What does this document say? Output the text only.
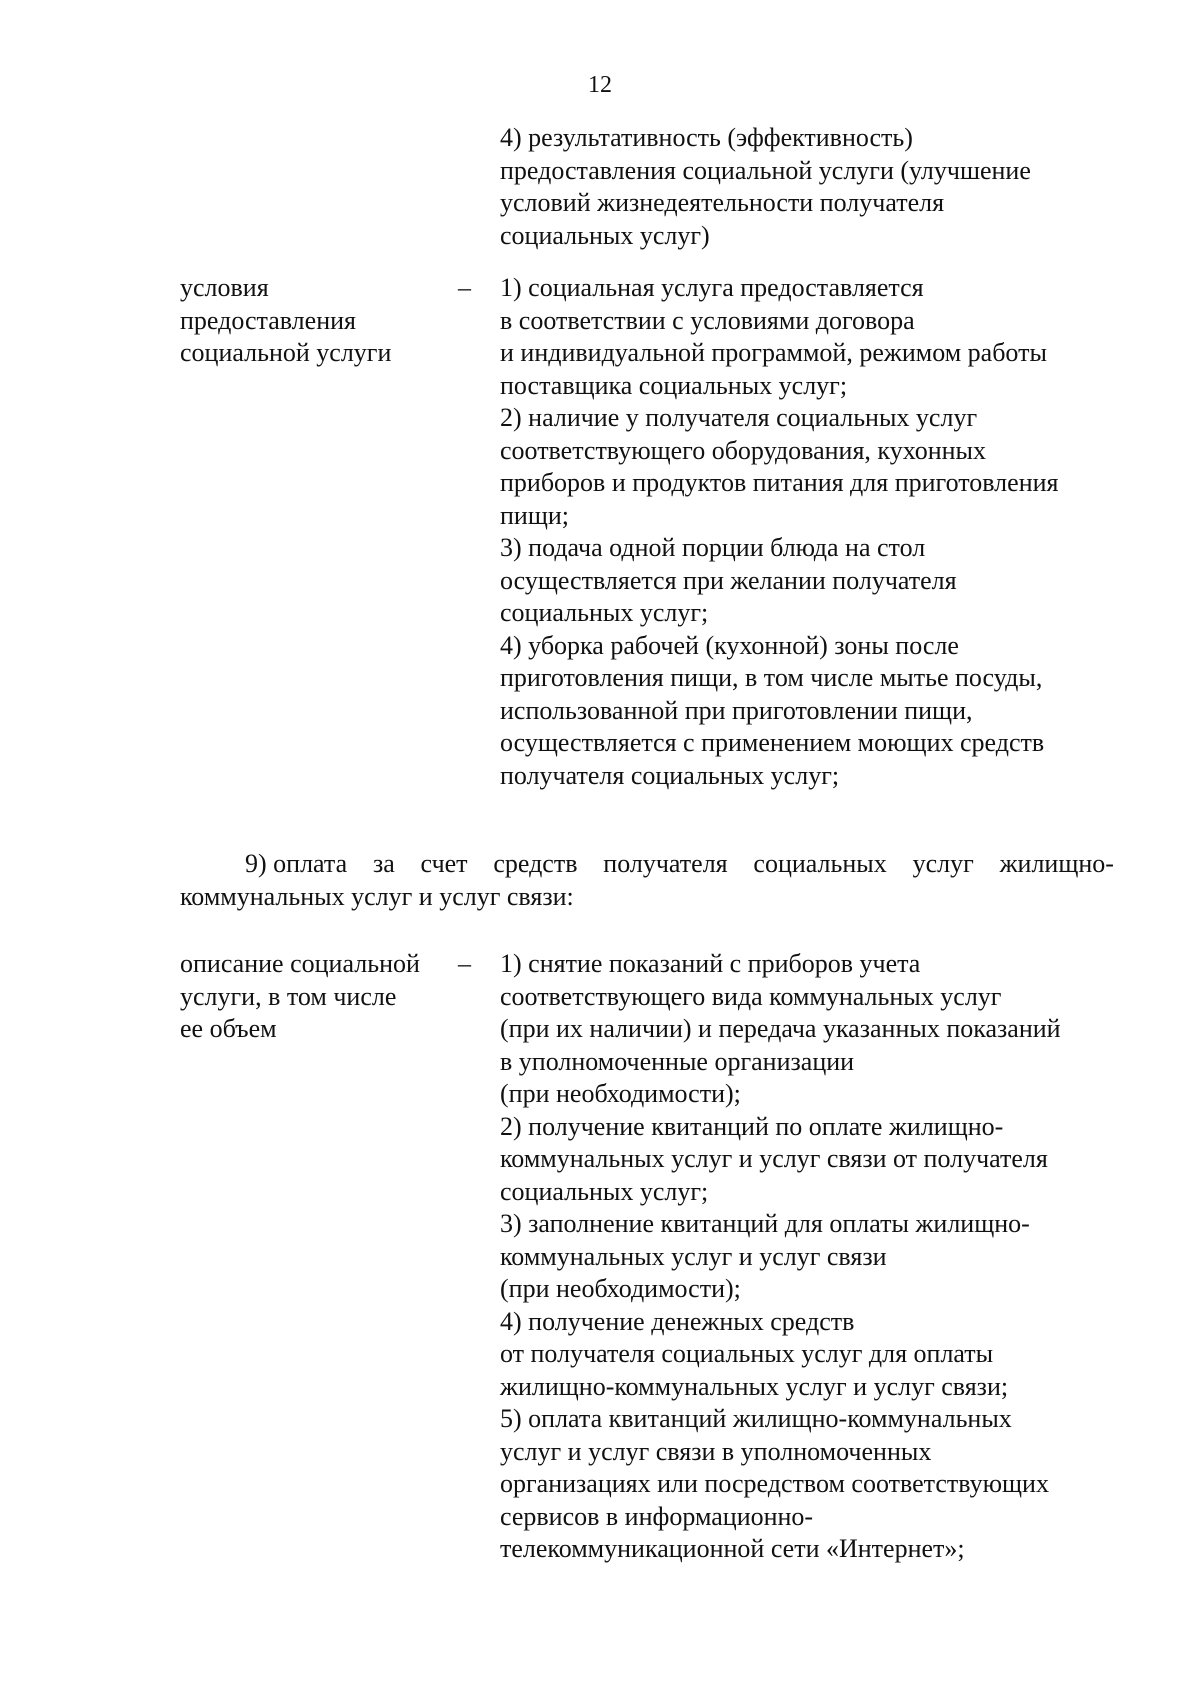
12

4) результативность (эффективность)

предоставления социальной услуги (улучшение

условий жизнедеятельности получателя

социальных услуг)

условия

предоставления

социальной услуги

– 1) социальная услуга предоставляется

в соответствии с условиями договора

и индивидуальной программой, режимом работы

поставщика социальных услуг;

2) наличие у получателя социальных услуг

соответствующего оборудования, кухонных

приборов и продуктов питания для приготовления

пищи;

3) подача одной порции блюда на стол

осуществляется при желании получателя

социальных услуг;

4) уборка рабочей (кухонной) зоны после

приготовления пищи, в том числе мытье посуды,

использованной при приготовлении пищи,

осуществляется с применением моющих средств

получателя социальных услуг;

9) оплата за счет средств получателя социальных услуг жилищно-
коммунальных услуг и услуг связи:

описание социальной

услуги, в том числе

ее объем

– 1) снятие показаний с приборов учета

соответствующего вида коммунальных услуг

(при их наличии) и передача указанных показаний

в уполномоченные организации

(при необходимости);

2) получение квитанций по оплате жилищно-

коммунальных услуг и услуг связи от получателя

социальных услуг;

3) заполнение квитанций для оплаты жилищно-

коммунальных услуг и услуг связи

(при необходимости);

4) получение денежных средств

от получателя социальных услуг для оплаты

жилищно-коммунальных услуг и услуг связи;

5) оплата квитанций жилищно-коммунальных

услуг и услуг связи в уполномоченных

организациях или посредством соответствующих

сервисов в информационно-

телекоммуникационной сети «Интернет»;
